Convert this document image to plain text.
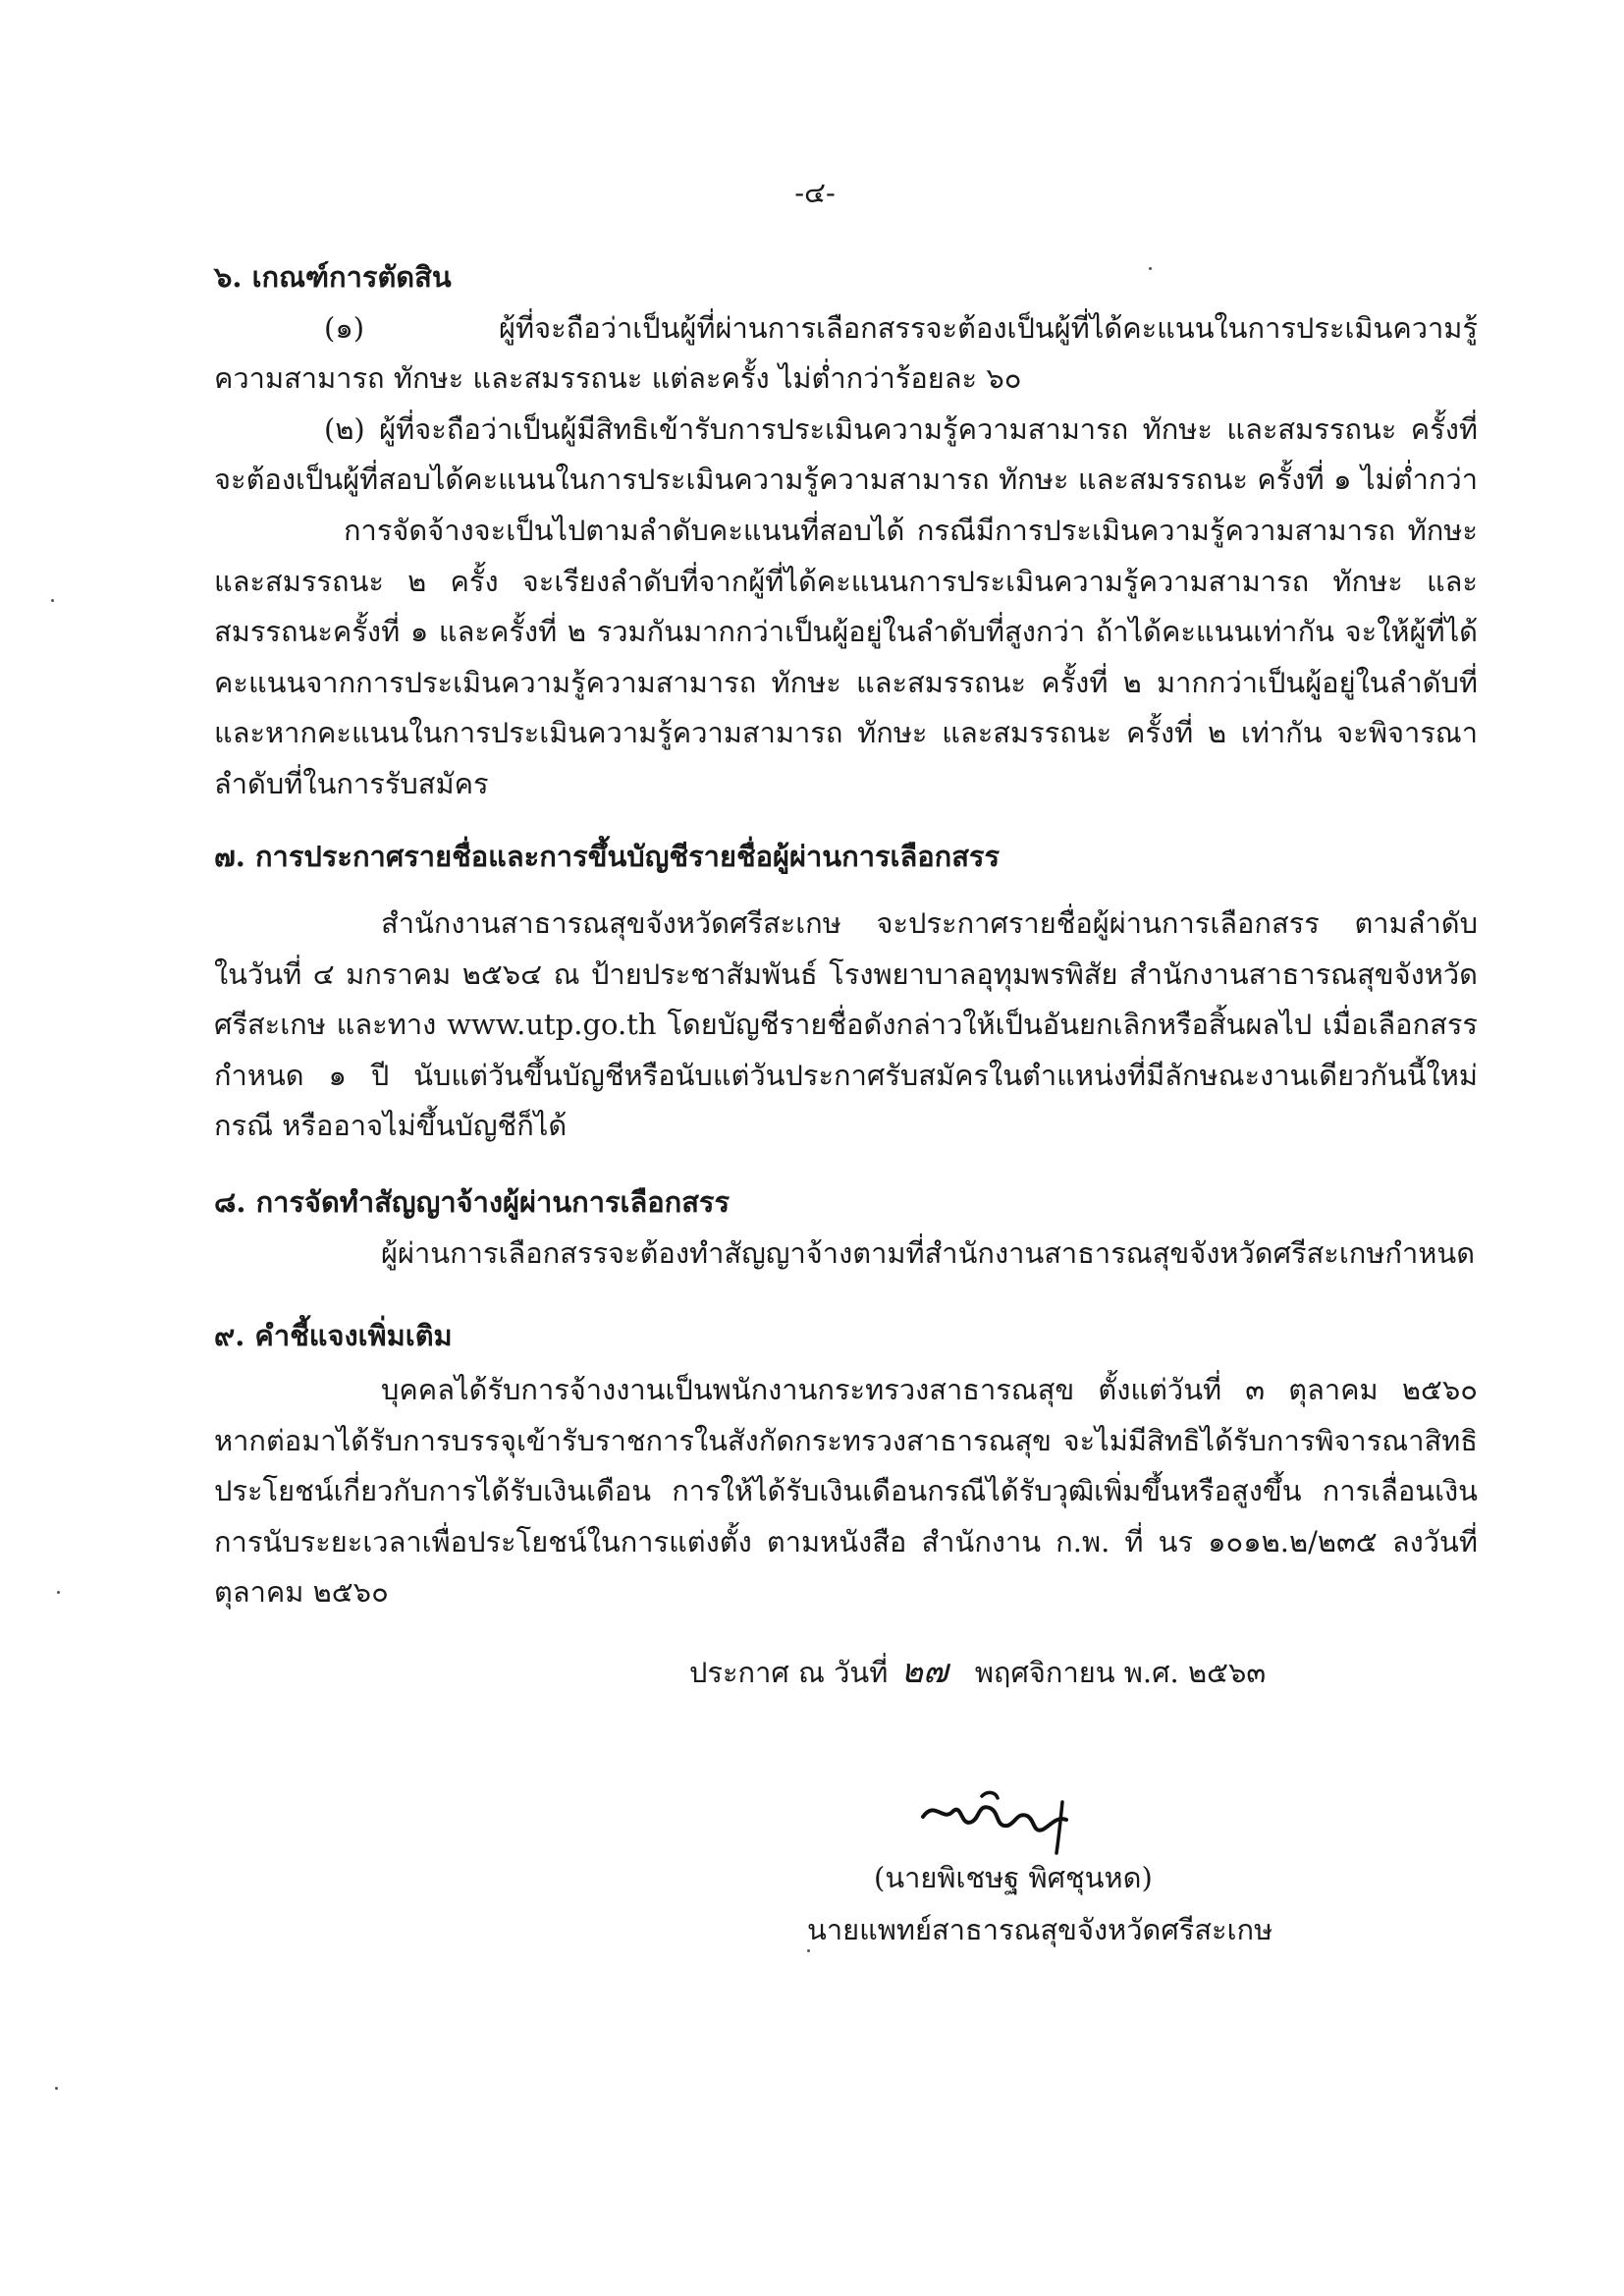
-๔-
๖. เกณฑ์การตัดสิน
(๑) ผู้ที่จะถือว่าเป็นผู้ที่ผ่านการเลือกสรรจะต้องเป็นผู้ที่ได้คะแนนในการประเมินความรู้
ความสามารถ ทักษะ และสมรรถนะ แต่ละครั้ง ไม่ต่ำกว่าร้อยละ ๖๐
(๒) ผู้ที่จะถือว่าเป็นผู้มีสิทธิเข้ารับการประเมินความรู้ความสามารถ ทักษะ และสมรรถนะ ครั้งที่
จะต้องเป็นผู้ที่สอบได้คะแนนในการประเมินความรู้ความสามารถ ทักษะ และสมรรถนะ ครั้งที่ ๑ ไม่ต่ำกว่า
การจัดจ้างจะเป็นไปตามลำดับคะแนนที่สอบได้ กรณีมีการประเมินความรู้ความสามารถ ทักษะ
และสมรรถนะ ๒ ครั้ง จะเรียงลำดับที่จากผู้ที่ได้คะแนนการประเมินความรู้ความสามารถ ทักษะ และ
สมรรถนะครั้งที่ ๑ และครั้งที่ ๒ รวมกันมากกว่าเป็นผู้อยู่ในลำดับที่สูงกว่า ถ้าได้คะแนนเท่ากัน จะให้ผู้ที่ได้
คะแนนจากการประเมินความรู้ความสามารถ ทักษะ และสมรรถนะ ครั้งที่ ๒ มากกว่าเป็นผู้อยู่ในลำดับที่
และหากคะแนนในการประเมินความรู้ความสามารถ ทักษะ และสมรรถนะ ครั้งที่ ๒ เท่ากัน จะพิจารณา
ลำดับที่ในการรับสมัคร
๗. การประกาศรายชื่อและการขึ้นบัญชีรายชื่อผู้ผ่านการเลือกสรร
สำนักงานสาธารณสุขจังหวัดศรีสะเกษ จะประกาศรายชื่อผู้ผ่านการเลือกสรร ตามลำดับ
ในวันที่ ๔ มกราคม ๒๕๖๔ ณ ป้ายประชาสัมพันธ์ โรงพยาบาลอุทุมพรพิสัย สำนักงานสาธารณสุขจังหวัด
ศรีสะเกษ และทาง www.utp.go.th โดยบัญชีรายชื่อดังกล่าวให้เป็นอันยกเลิกหรือสิ้นผลไป เมื่อเลือกสรร
กำหนด ๑ ปี นับแต่วันขึ้นบัญชีหรือนับแต่วันประกาศรับสมัครในตำแหน่งที่มีลักษณะงานเดียวกันนี้ใหม่
กรณี หรืออาจไม่ขึ้นบัญชีก็ได้
๘. การจัดทำสัญญาจ้างผู้ผ่านการเลือกสรร
ผู้ผ่านการเลือกสรรจะต้องทำสัญญาจ้างตามที่สำนักงานสาธารณสุขจังหวัดศรีสะเกษกำหนด
๙. คำชี้แจงเพิ่มเติม
บุคคลได้รับการจ้างงานเป็นพนักงานกระทรวงสาธารณสุข ตั้งแต่วันที่ ๓ ตุลาคม ๒๕๖๐
หากต่อมาได้รับการบรรจุเข้ารับราชการในสังกัดกระทรวงสาธารณสุข จะไม่มีสิทธิได้รับการพิจารณาสิทธิ
ประโยชน์เกี่ยวกับการได้รับเงินเดือน การให้ได้รับเงินเดือนกรณีได้รับวุฒิเพิ่มขึ้นหรือสูงขึ้น การเลื่อนเงิน
การนับระยะเวลาเพื่อประโยชน์ในการแต่งตั้ง ตามหนังสือ สำนักงาน ก.พ. ที่ นร ๑๐๑๒.๒/๒๓๕ ลงวันที่
ตุลาคม ๒๕๖๐
ประกาศ ณ วันที่ ๒๗ พฤศจิกายน พ.ศ. ๒๕๖๓
(นายพิเชษฐ พิศชุนหด)
นายแพทย์สาธารณสุขจังหวัดศรีสะเกษ
